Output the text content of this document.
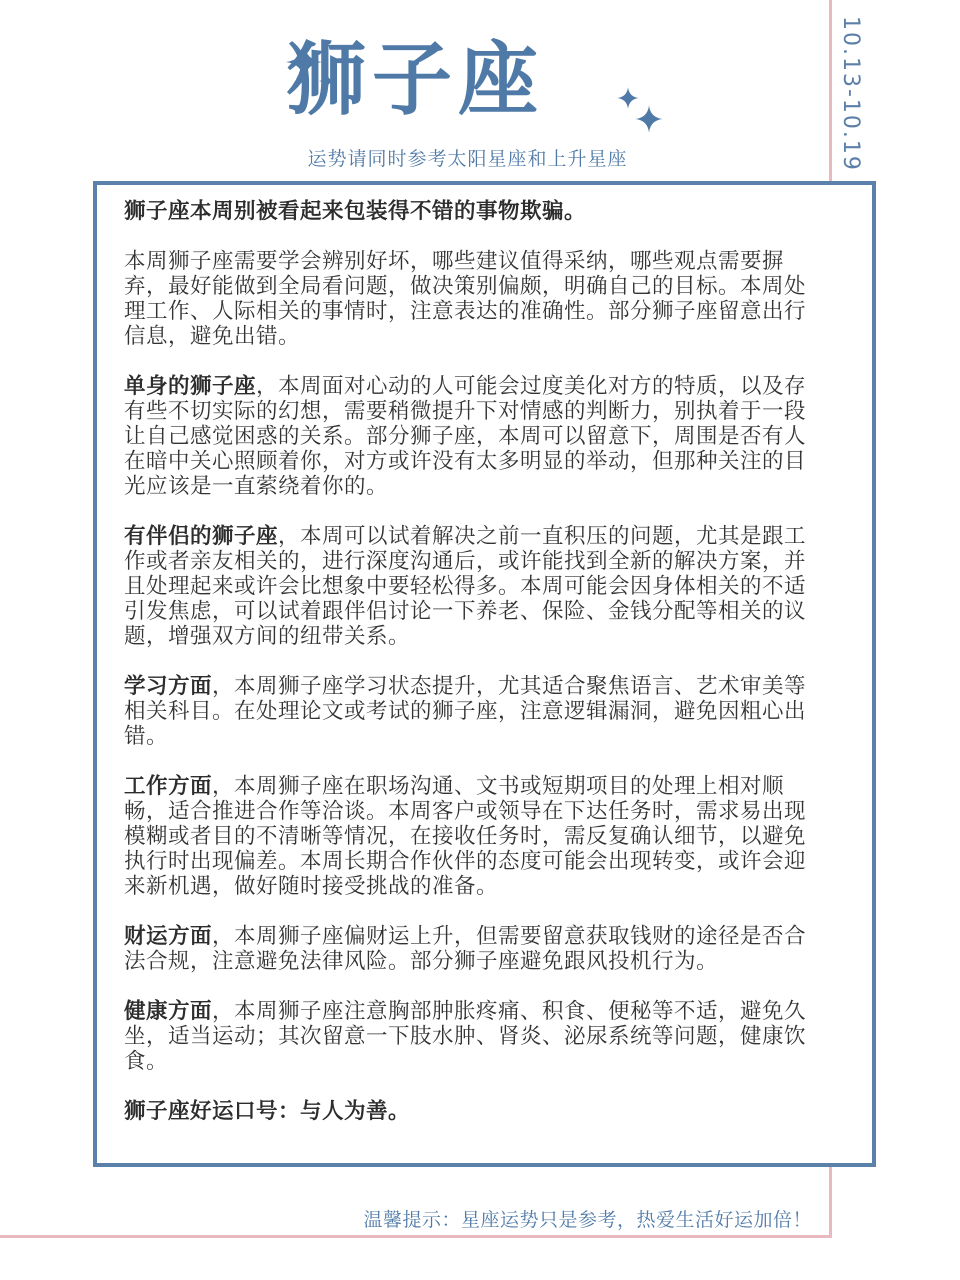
10.13-10.19
狮子座
运势请同时参考太阳星座和上升星座

狮子座本周别被看起来包装得不错的事物欺骗。

本周狮子座需要学会辨别好坏，哪些建议值得采纳，哪些观点需要摒弃，最好能做到全局看问题，做决策别偏颇，明确自己的目标。本周处理工作、人际相关的事情时，注意表达的准确性。部分狮子座留意出行信息，避免出错。

单身的狮子座，本周面对心动的人可能会过度美化对方的特质，以及存有些不切实际的幻想，需要稍微提升下对情感的判断力，别执着于一段让自己感觉困惑的关系。部分狮子座，本周可以留意下，周围是否有人在暗中关心照顾着你，对方或许没有太多明显的举动，但那种关注的目光应该是一直萦绕着你的。

有伴侣的狮子座，本周可以试着解决之前一直积压的问题，尤其是跟工作或者亲友相关的，进行深度沟通后，或许能找到全新的解决方案，并且处理起来或许会比想象中要轻松得多。本周可能会因身体相关的不适引发焦虑，可以试着跟伴侣讨论一下养老、保险、金钱分配等相关的议题，增强双方间的纽带关系。

学习方面，本周狮子座学习状态提升，尤其适合聚焦语言、艺术审美等相关科目。在处理论文或考试的狮子座，注意逻辑漏洞，避免因粗心出错。

工作方面，本周狮子座在职场沟通、文书或短期项目的处理上相对顺畅，适合推进合作等洽谈。本周客户或领导在下达任务时，需求易出现模糊或者目的不清晰等情况，在接收任务时，需反复确认细节，以避免执行时出现偏差。本周长期合作伙伴的态度可能会出现转变，或许会迎来新机遇，做好随时接受挑战的准备。

财运方面，本周狮子座偏财运上升，但需要留意获取钱财的途径是否合法合规，注意避免法律风险。部分狮子座避免跟风投机行为。

健康方面，本周狮子座注意胸部肿胀疼痛、积食、便秘等不适，避免久坐，适当运动；其次留意一下肢水肿、肾炎、泌尿系统等问题，健康饮食。

狮子座好运口号：与人为善。

温馨提示：星座运势只是参考，热爱生活好运加倍！
